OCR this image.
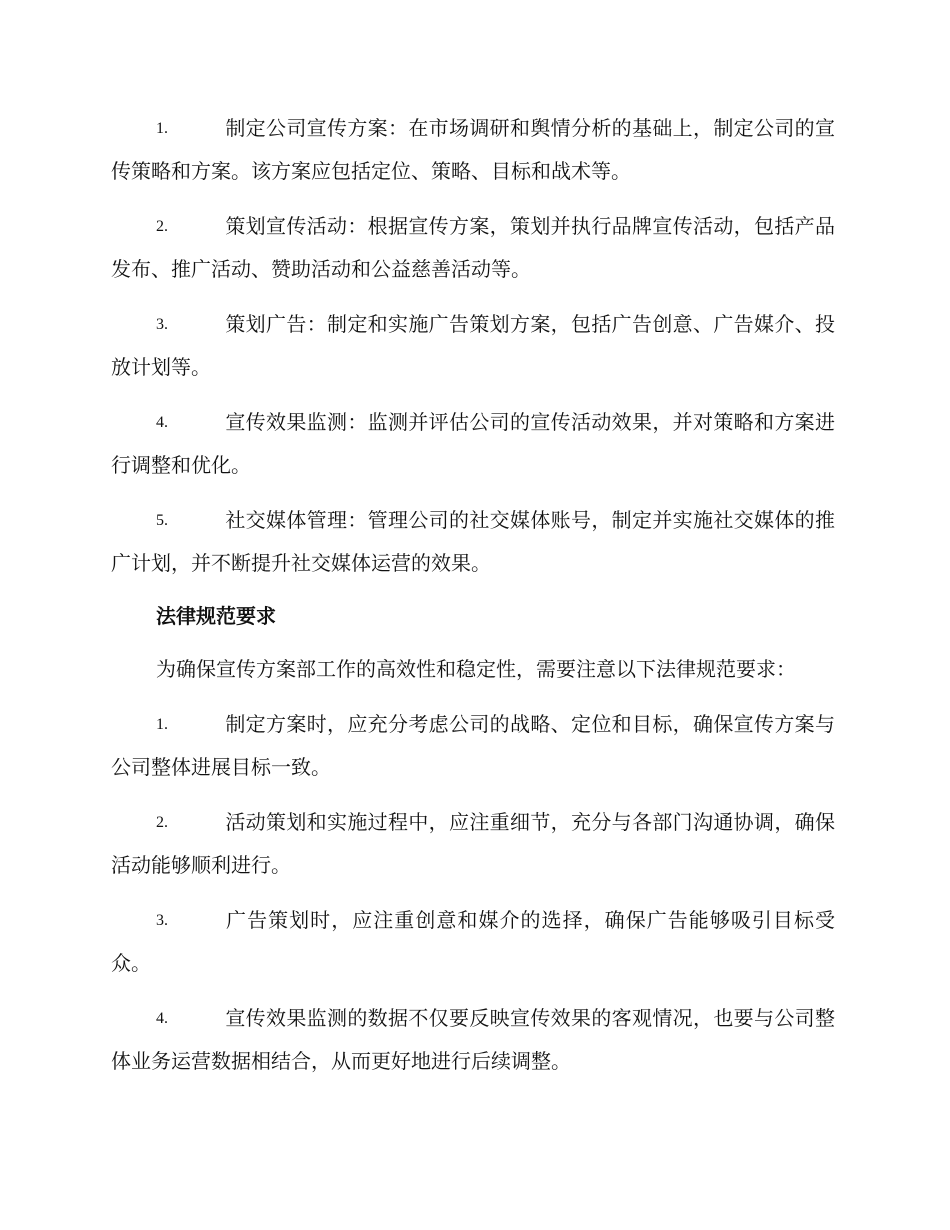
1.	制定公司宣传方案：在市场调研和舆情分析的基础上，制定公司的宣传策略和方案。该方案应包括定位、策略、目标和战术等。
2.	策划宣传活动：根据宣传方案，策划并执行品牌宣传活动，包括产品发布、推广活动、赞助活动和公益慈善活动等。
3.	策划广告：制定和实施广告策划方案，包括广告创意、广告媒介、投放计划等。
4.	宣传效果监测：监测并评估公司的宣传活动效果，并对策略和方案进行调整和优化。
5.	社交媒体管理：管理公司的社交媒体账号，制定并实施社交媒体的推广计划，并不断提升社交媒体运营的效果。
法律规范要求
为确保宣传方案部工作的高效性和稳定性，需要注意以下法律规范要求：
1.	制定方案时，应充分考虑公司的战略、定位和目标，确保宣传方案与公司整体进展目标一致。
2.	活动策划和实施过程中，应注重细节，充分与各部门沟通协调，确保活动能够顺利进行。
3.	广告策划时，应注重创意和媒介的选择，确保广告能够吸引目标受众。
4.	宣传效果监测的数据不仅要反映宣传效果的客观情况，也要与公司整体业务运营数据相结合，从而更好地进行后续调整。
